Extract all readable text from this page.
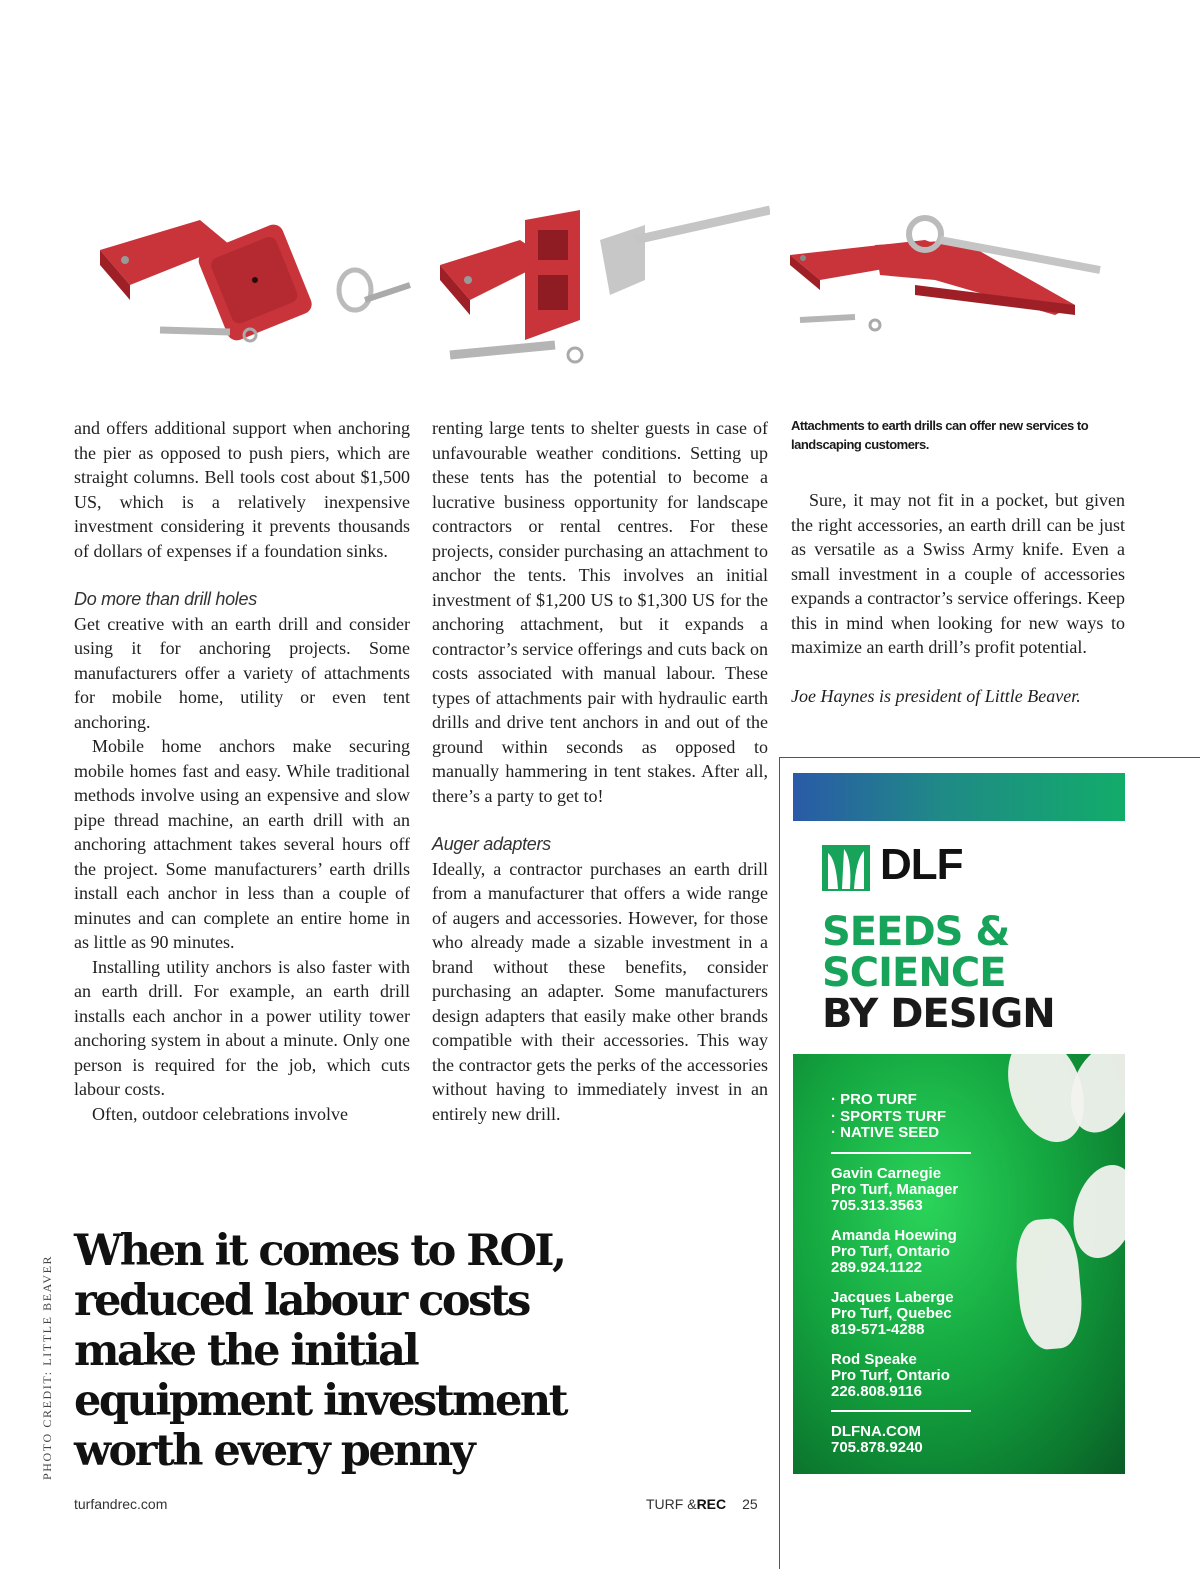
and offers additional support when anchoring the pier as opposed to push piers, which are straight columns. Bell tools cost about $1,500 US, which is a relatively inexpensive investment considering it prevents thousands of dollars of expenses if a foundation sinks.

Do more than drill holes

Get creative with an earth drill and consider using it for anchoring projects. Some manufacturers offer a variety of attachments for mobile home, utility or even tent anchoring.

Mobile home anchors make securing mobile homes fast and easy. While traditional methods involve using an expensive and slow pipe thread machine, an earth drill with an anchoring attachment takes several hours off the project. Some manufacturers’ earth drills install each anchor in less than a couple of minutes and can complete an entire home in as little as 90 minutes.

Installing utility anchors is also faster with an earth drill. For example, an earth drill installs each anchor in a power utility tower anchoring system in about a minute. Only one person is required for the job, which cuts labour costs.

Often, outdoor celebrations involve

renting large tents to shelter guests in case of unfavourable weather conditions. Setting up these tents has the potential to become a lucrative business opportunity for landscape contractors or rental centres. For these projects, consider purchasing an attachment to anchor the tents. This involves an initial investment of $1,200 US to $1,300 US for the anchoring attachment, but it expands a contractor’s service offerings and cuts back on costs associated with manual labour. These types of attachments pair with hydraulic earth drills and drive tent anchors in and out of the ground within seconds as opposed to manually hammering in tent stakes. After all, there’s a party to get to!

Auger adapters

Ideally, a contractor purchases an earth drill from a manufacturer that offers a wide range of augers and accessories. However, for those who already made a sizable investment in a brand without these benefits, consider purchasing an adapter. Some manufacturers design adapters that easily make other brands compatible with their accessories. This way the contractor gets the perks of the accessories without having to immediately invest in an entirely new drill.

Attachments to earth drills can offer new services to landscaping customers.

Sure, it may not fit in a pocket, but given the right accessories, an earth drill can be just as versatile as a Swiss Army knife. Even a small investment in a couple of accessories expands a contractor’s service offerings. Keep this in mind when looking for new ways to maximize an earth drill’s profit potential.

Joe Haynes is president of Little Beaver.

When it comes to ROI, reduced labour costs make the initial equipment investment worth every penny
PHOTO CREDIT: LITTLE BEAVER
turfandrec.com	TURF &REC 25
DLF
SEEDS &
SCIENCE
BY DESIGN
· PRO TURF
· SPORTS TURF
· NATIVE SEED
Gavin Carnegie
Pro Turf, Manager
705.313.3563
Amanda Hoewing
Pro Turf, Ontario
289.924.1122
Jacques Laberge
Pro Turf, Quebec
819-571-4288
Rod Speake
Pro Turf, Ontario
226.808.9116
DLFNA.COM
705.878.9240
